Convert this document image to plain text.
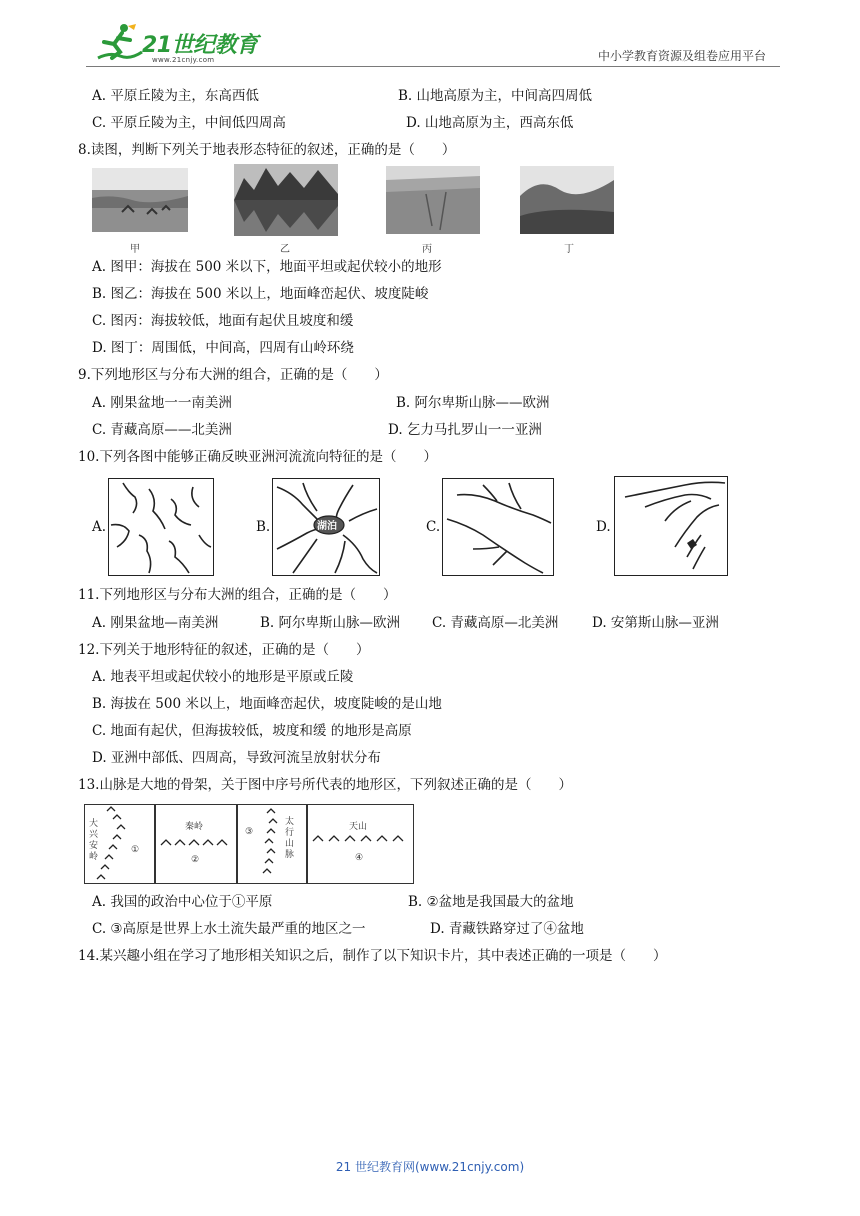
21世纪教育
www.21cnjy.com	中小学教育资源及组卷应用平台
A. 平原丘陵为主，东高西低	B. 山地高原为主，中间高四周低
C. 平原丘陵为主，中间低四周高	D. 山地高原为主，西高东低
8.读图，判断下列关于地表形态特征的叙述，正确的是（　　）
甲	乙	丙	丁
A. 图甲：海拔在 500 米以下，地面平坦或起伏较小的地形
B. 图乙：海拔在 500 米以上，地面峰峦起伏、坡度陡峻
C. 图丙：海拔较低，地面有起伏且坡度和缓
D. 图丁：周围低，中间高，四周有山岭环绕
9.下列地形区与分布大洲的组合，正确的是（　　）
A. 刚果盆地一一南美洲	B. 阿尔卑斯山脉——欧洲
C. 青藏高原——北美洲	D. 乞力马扎罗山一一亚洲
10.下列各图中能够正确反映亚洲河流流向特征的是（　　）
A.	B.	湖泊	C.	D.
11.下列地形区与分布大洲的组合，正确的是（　　）
A. 刚果盆地—南美洲	B. 阿尔卑斯山脉—欧洲 C. 青藏高原—北美洲 D. 安第斯山脉—亚洲
12.下列关于地形特征的叙述，正确的是（　　）
A. 地表平坦或起伏较小的地形是平原或丘陵
B. 海拔在 500 米以上，地面峰峦起伏，坡度陡峻的是山地
C. 地面有起伏，但海拔较低，坡度和缓 的地形是高原
D. 亚洲中部低、四周高，导致河流呈放射状分布
13.山脉是大地的骨架，关于图中序号所代表的地形区，下列叙述正确的是（　　）
大兴安岭
①
秦岭
②
③
太行山脉
天山
④
A. 我国的政治中心位于①平原	B. ②盆地是我国最大的盆地
C. ③高原是世界上水土流失最严重的地区之一	D. 青藏铁路穿过了④盆地
14.某兴趣小组在学习了地形相关知识之后，制作了以下知识卡片，其中表述正确的一项是（　　）
21 世纪教育网(www.21cnjy.com)
